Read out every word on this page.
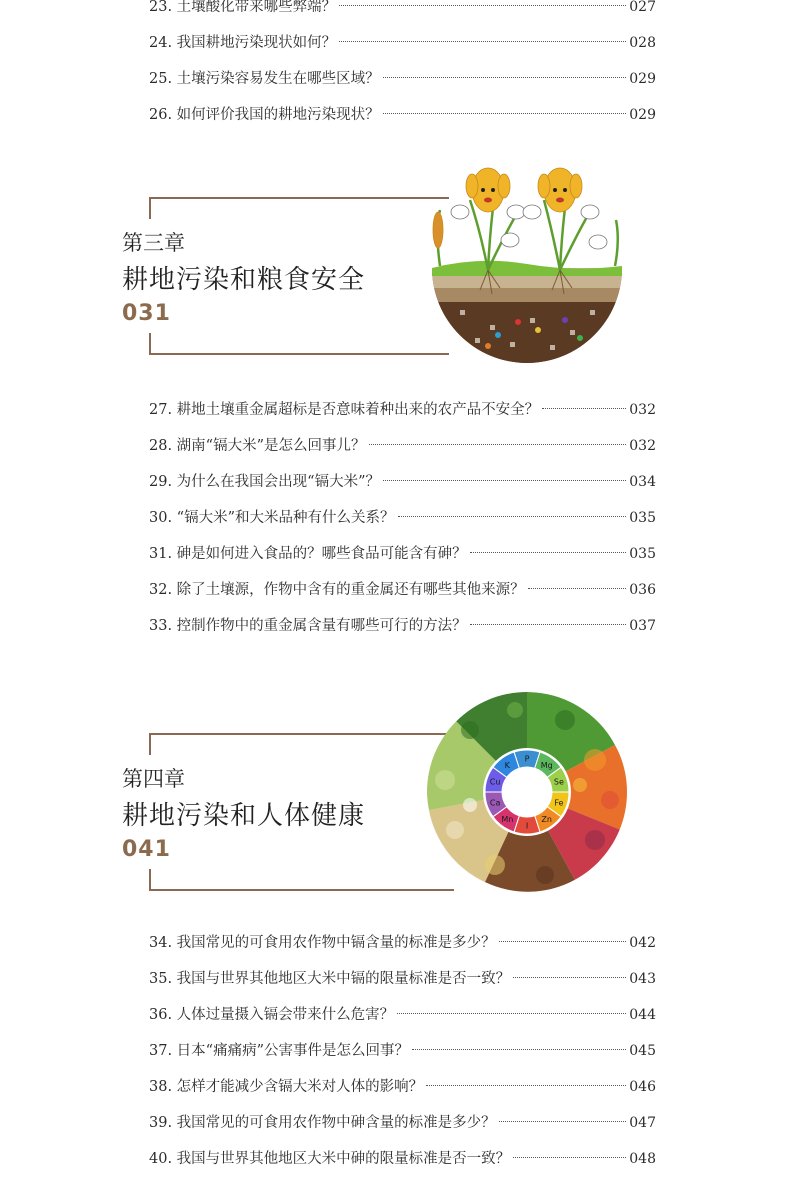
23. 土壤酸化带来哪些弊端？	027
24. 我国耕地污染现状如何？	028
25. 土壤污染容易发生在哪些区域？	029
26. 如何评价我国的耕地污染现状？	029
第三章
耕地污染和粮食安全
031
27. 耕地土壤重金属超标是否意味着种出来的农产品不安全？	032
28. 湖南“镉大米”是怎么回事儿？	032
29. 为什么在我国会出现“镉大米”？	034
30. “镉大米”和大米品种有什么关系？	035
31. 砷是如何进入食品的？哪些食品可能含有砷？	035
32. 除了土壤源，作物中含有的重金属还有哪些其他来源？	036
33. 控制作物中的重金属含量有哪些可行的方法？	037
第四章
耕地污染和人体健康
041
P
Mg
Se
Fe
Zn
I
Mn
Ca
Cu
K
34. 我国常见的可食用农作物中镉含量的标准是多少？	042
35. 我国与世界其他地区大米中镉的限量标准是否一致？	043
36. 人体过量摄入镉会带来什么危害？	044
37. 日本“痛痛病”公害事件是怎么回事？	045
38. 怎样才能减少含镉大米对人体的影响？	046
39. 我国常见的可食用农作物中砷含量的标准是多少？	047
40. 我国与世界其他地区大米中砷的限量标准是否一致？	048
